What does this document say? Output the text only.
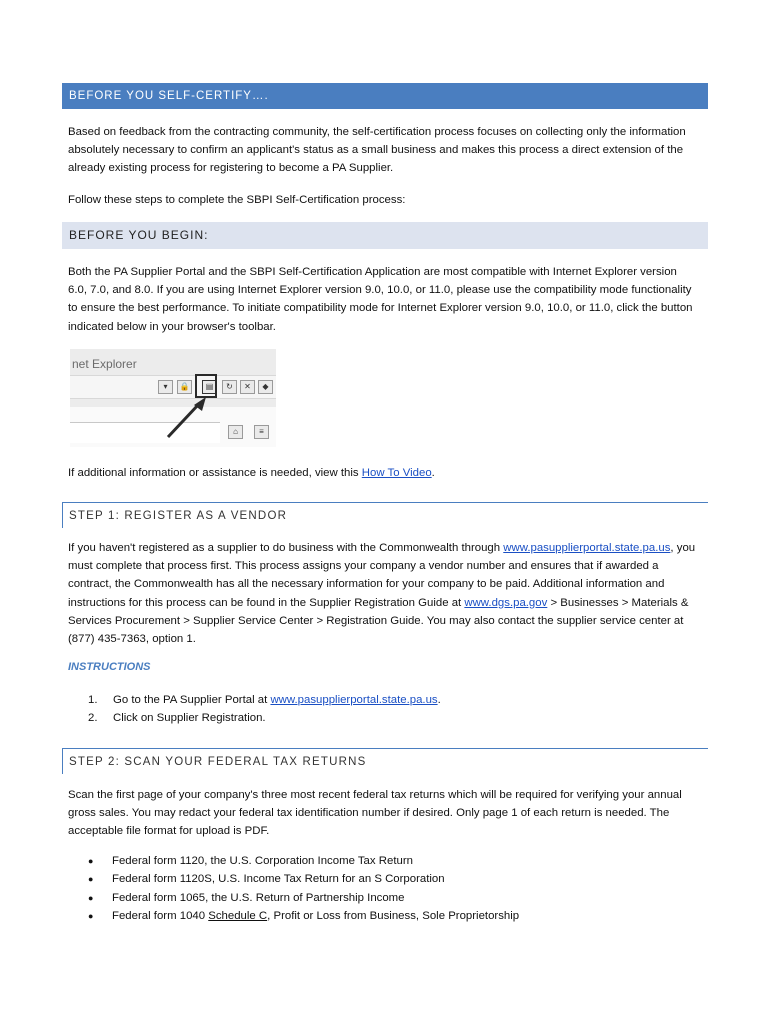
BEFORE YOU SELF-CERTIFY….

Based on feedback from the contracting community, the self-certification process focuses on collecting only the information absolutely necessary to confirm an applicant's status as a small business and makes this process a direct extension of the already existing process for registering to become a PA Supplier.

Follow these steps to complete the SBPI Self-Certification process:

BEFORE YOU BEGIN:

Both the PA Supplier Portal and the SBPI Self-Certification Application are most compatible with Internet Explorer version 6.0, 7.0, and 8.0. If you are using Internet Explorer version 9.0, 10.0, or 11.0, please use the compatibility mode functionality to ensure the best performance. To initiate compatibility mode for Internet Explorer version 9.0, 10.0, or 11.0, click the button indicated below in your browser's toolbar.

net Explorer
▾	🔒	▤	↻	✕	◆
⌂	≡

If additional information or assistance is needed, view this How To Video.

STEP 1: REGISTER AS A VENDOR

If you haven't registered as a supplier to do business with the Commonwealth through www.pasupplierportal.state.pa.us, you must complete that process first. This process assigns your company a vendor number and ensures that if awarded a contract, the Commonwealth has all the necessary information for your company to be paid. Additional information and instructions for this process can be found in the Supplier Registration Guide at www.dgs.pa.gov > Businesses > Materials & Services Procurement > Supplier Service Center > Registration Guide. You may also contact the supplier service center at (877) 435-7363, option 1.

INSTRUCTIONS
1.	Go to the PA Supplier Portal at www.pasupplierportal.state.pa.us.
2.	Click on Supplier Registration.
STEP 2: SCAN YOUR FEDERAL TAX RETURNS

Scan the first page of your company's three most recent federal tax returns which will be required for verifying your annual gross sales. You may redact your federal tax identification number if desired. Only page 1 of each return is needed. The acceptable file format for upload is PDF.

● Federal form 1120, the U.S. Corporation Income Tax Return
● Federal form 1120S, U.S. Income Tax Return for an S Corporation
● Federal form 1065, the U.S. Return of Partnership Income
● Federal form 1040 Schedule C, Profit or Loss from Business, Sole Proprietorship
